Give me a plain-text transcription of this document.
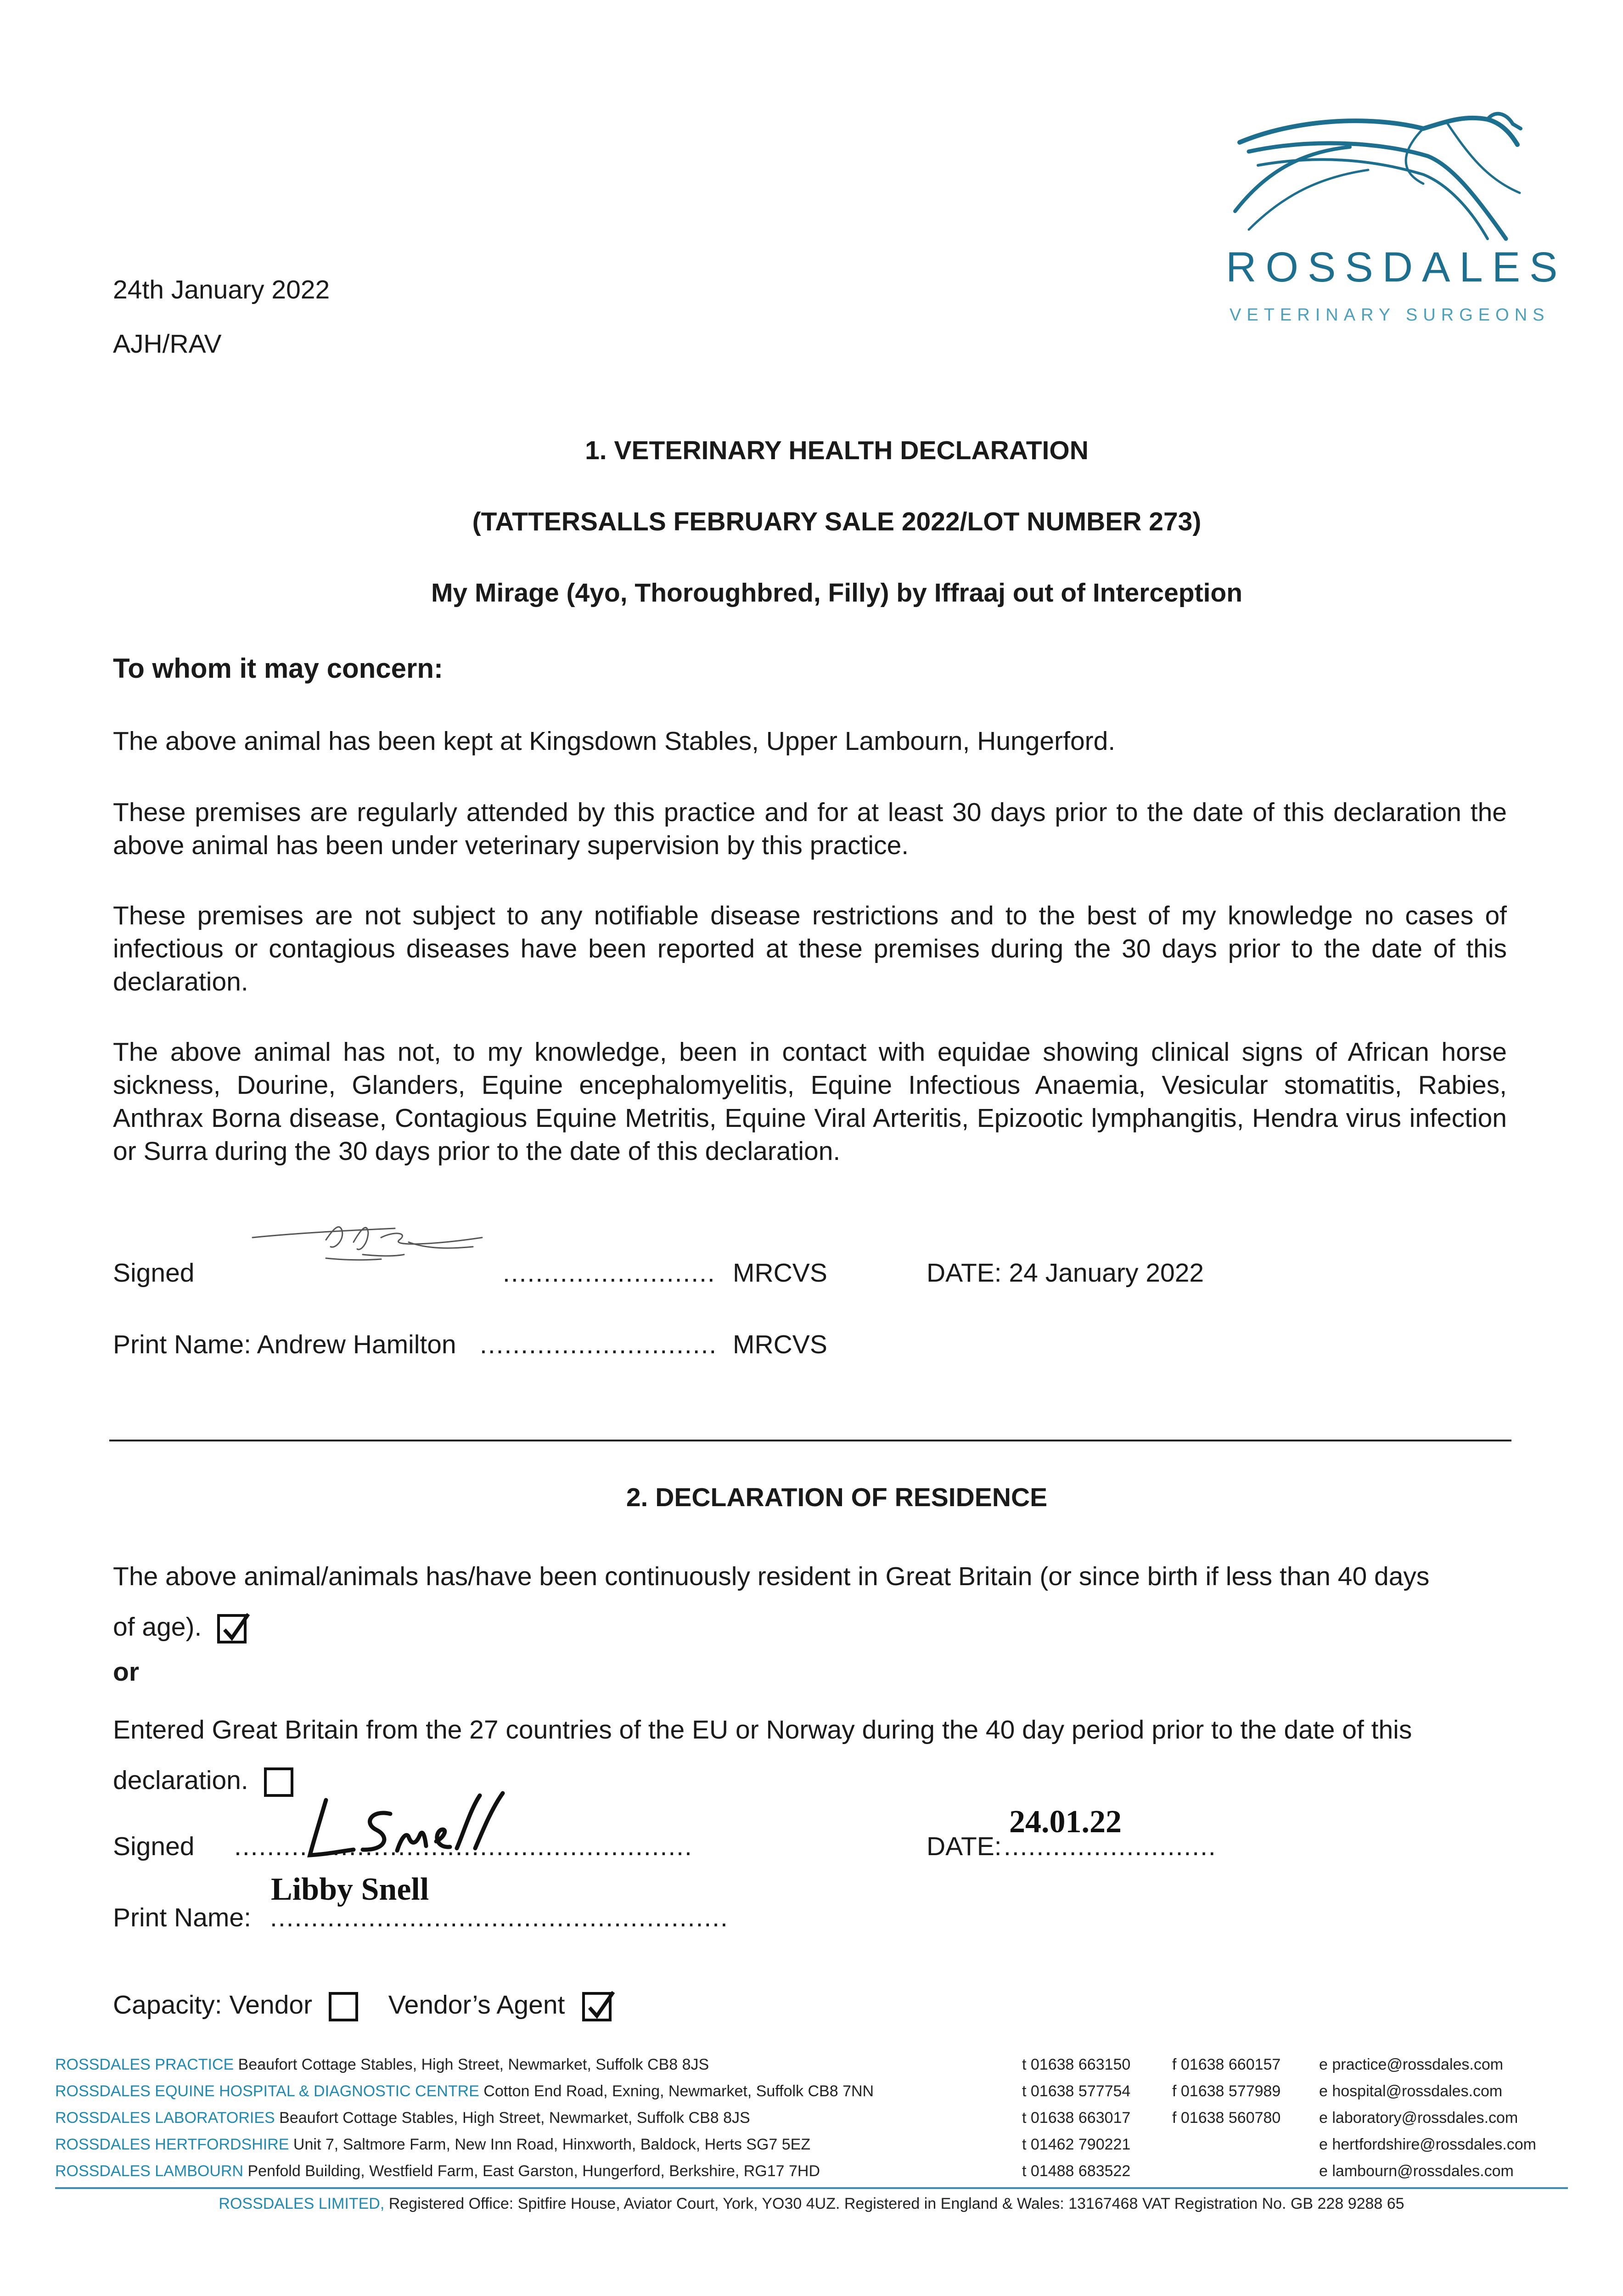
ROSSDALES
VETERINARY SURGEONS
24th January 2022
AJH/RAV
1. VETERINARY HEALTH DECLARATION
(TATTERSALLS FEBRUARY SALE 2022/LOT NUMBER 273)
My Mirage (4yo, Thoroughbred, Filly) by Iffraaj out of Interception
To whom it may concern:
The above animal has been kept at Kingsdown Stables, Upper Lambourn, Hungerford.
These premises are regularly attended by this practice and for at least 30 days prior to the date of this declaration the above animal has been under veterinary supervision by this practice.
These premises are not subject to any notifiable disease restrictions and to the best of my knowledge no cases of infectious or contagious diseases have been reported at these premises during the 30 days prior to the date of this declaration.
The above animal has not, to my knowledge, been in contact with equidae showing clinical signs of African horse sickness, Dourine, Glanders, Equine encephalomyelitis, Equine Infectious Anaemia, Vesicular stomatitis, Rabies, Anthrax Borna disease, Contagious Equine Metritis, Equine Viral Arteritis, Epizootic lymphangitis, Hendra virus infection or Surra during the 30 days prior to the date of this declaration.
Signed	.......................... MRCVS	DATE: 24 January 2022
Print Name: Andrew Hamilton ............................. MRCVS
2. DECLARATION OF RESIDENCE
The above animal/animals has/have been continuously resident in Great Britain (or since birth if less than 40 days of age).
or
Entered Great Britain from the 27 countries of the EU or Norway during the 40 day period prior to the date of this declaration.
Signed ........................................................
24.01.22
DATE: ..........................
Libby Snell
Print Name: ........................................................
Capacity: Vendor	Vendor’s Agent
ROSSDALES PRACTICE Beaufort Cottage Stables, High Street, Newmarket, Suffolk CB8 8JS	t 01638 663150	f 01638 660157 e practice@rossdales.com
ROSSDALES EQUINE HOSPITAL & DIAGNOSTIC CENTRE Cotton End Road, Exning, Newmarket, Suffolk CB8 7NN	t 01638 577754	f 01638 577989 e hospital@rossdales.com
ROSSDALES LABORATORIES Beaufort Cottage Stables, High Street, Newmarket, Suffolk CB8 8JS	t 01638 663017	f 01638 560780 e laboratory@rossdales.com
ROSSDALES HERTFORDSHIRE Unit 7, Saltmore Farm, New Inn Road, Hinxworth, Baldock, Herts SG7 5EZ	t 01462 790221	e hertfordshire@rossdales.com
ROSSDALES LAMBOURN Penfold Building, Westfield Farm, East Garston, Hungerford, Berkshire, RG17 7HD	t 01488 683522	e lambourn@rossdales.com
ROSSDALES LIMITED, Registered Office: Spitfire House, Aviator Court, York, YO30 4UZ. Registered in England & Wales: 13167468 VAT Registration No. GB 228 9288 65
